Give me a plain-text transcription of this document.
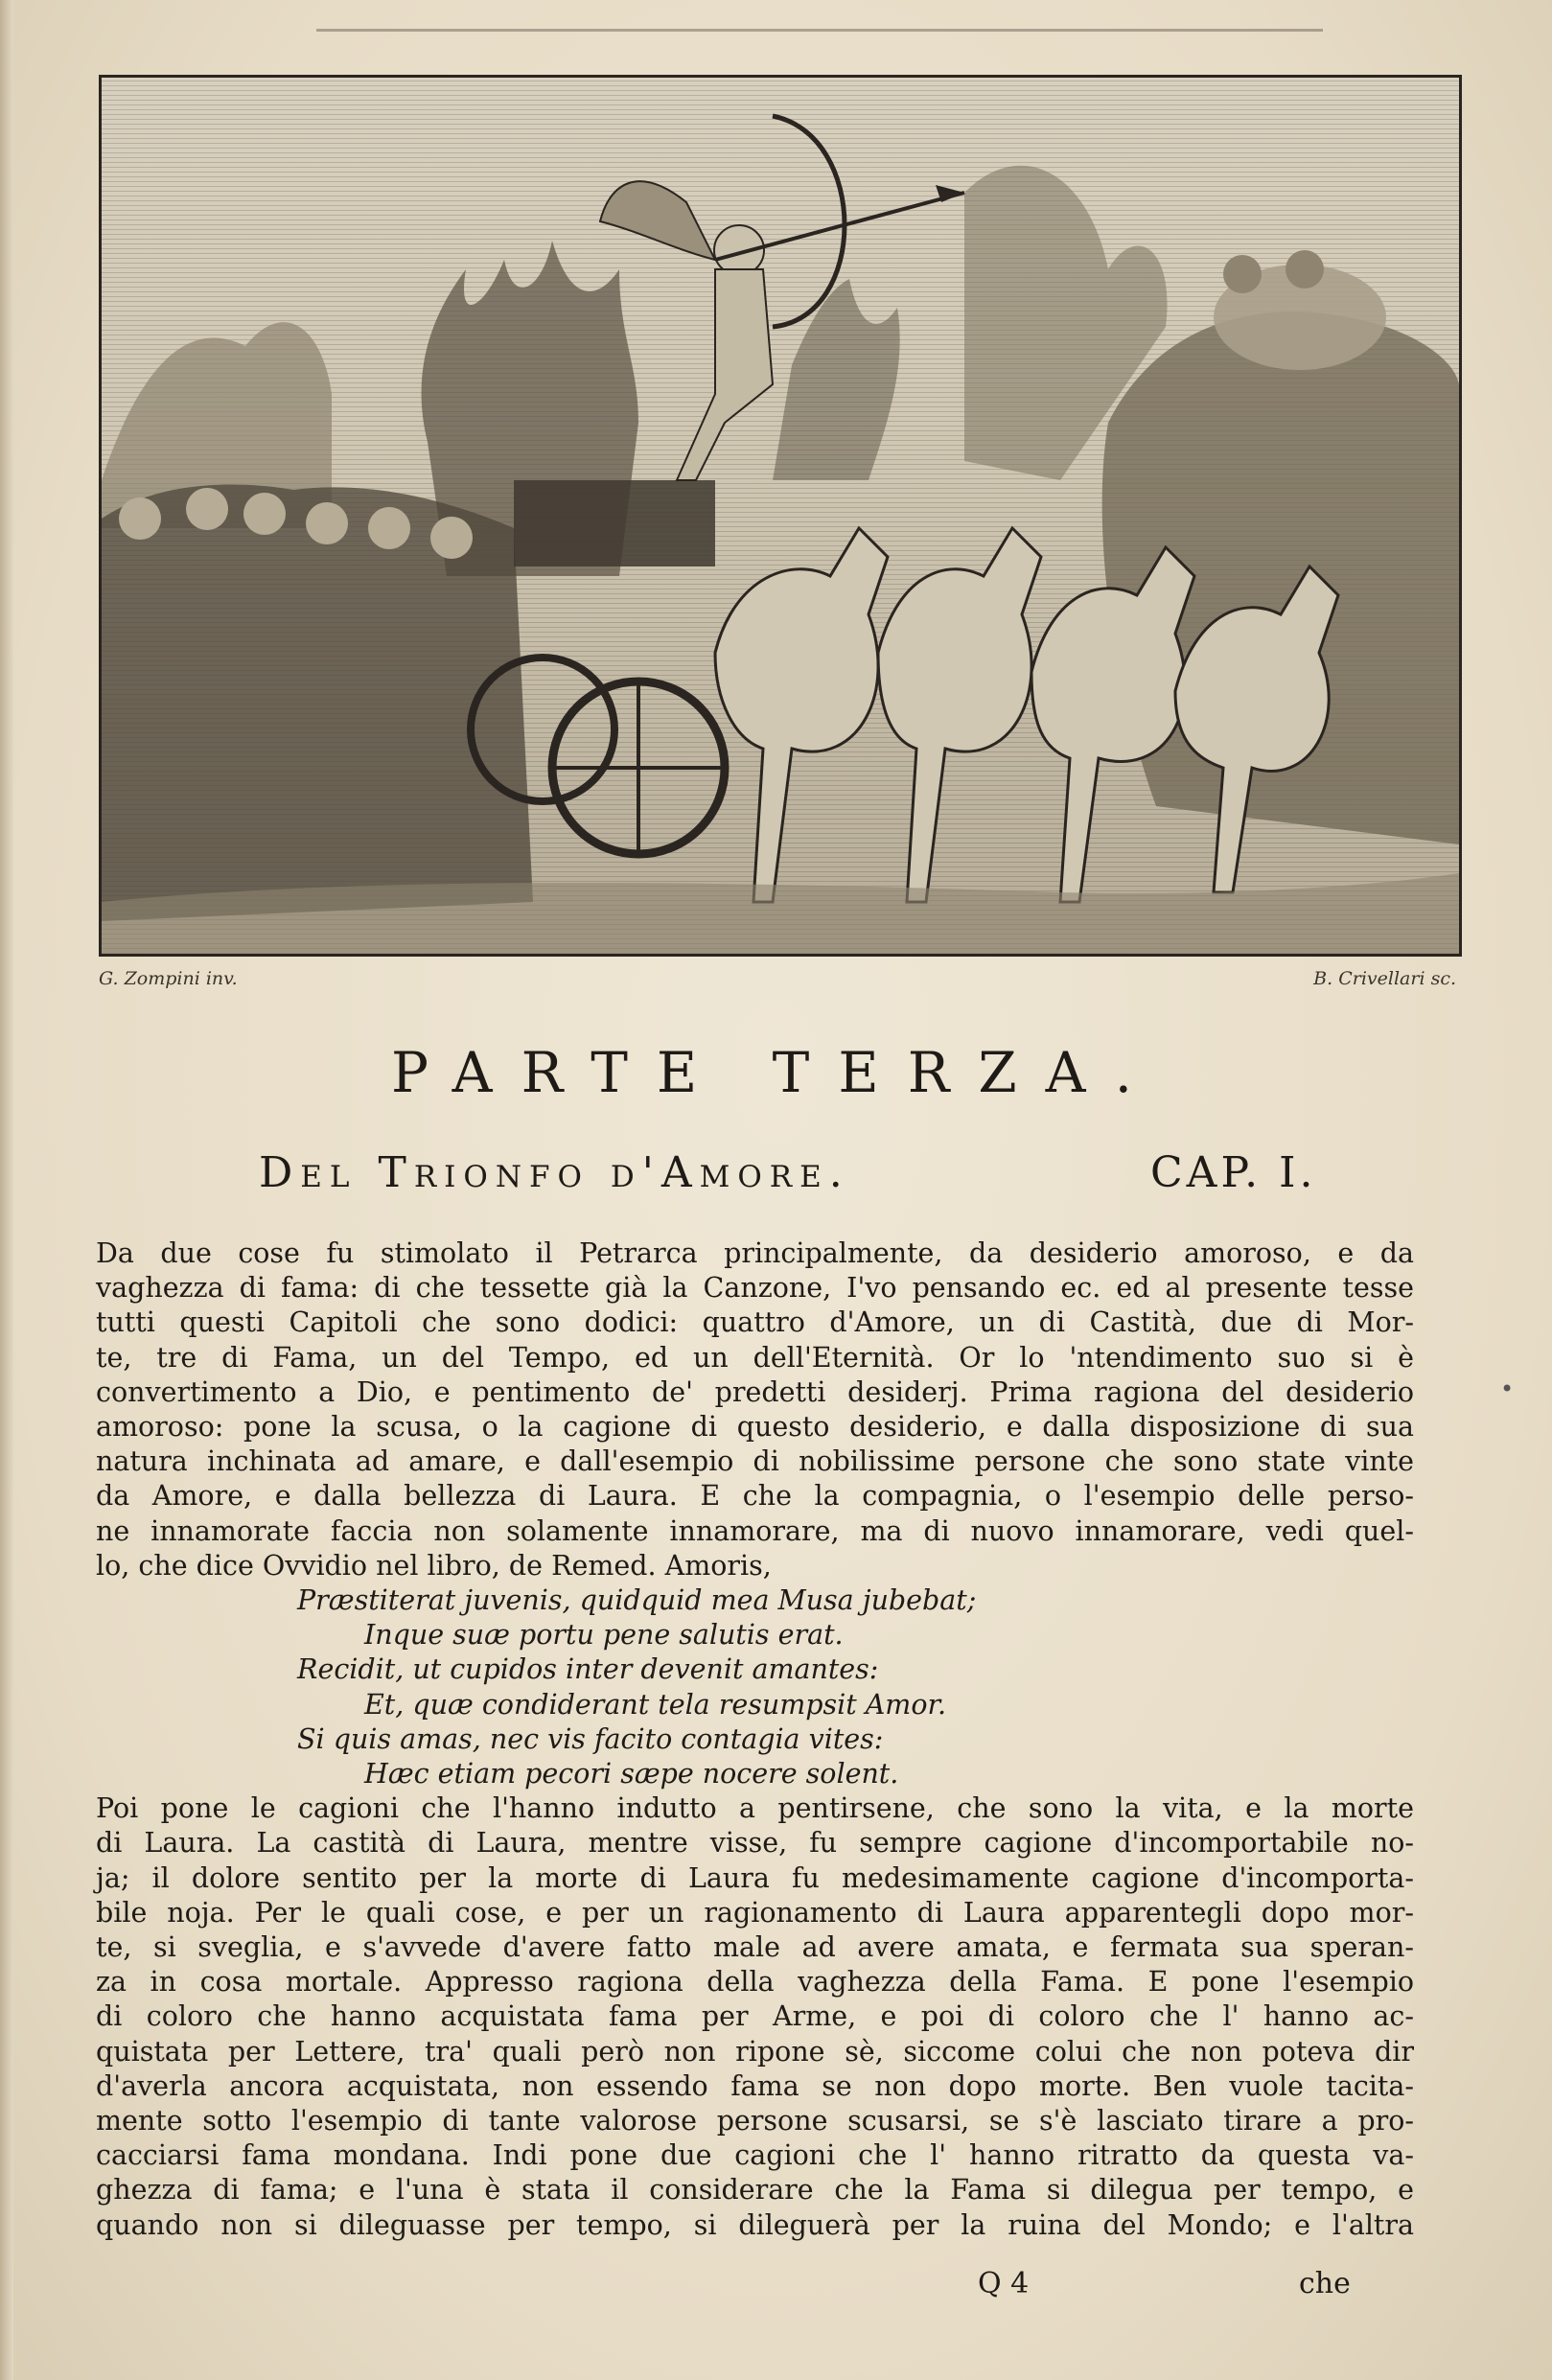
G. Zompini inv.	B. Crivellari sc.
PARTE TERZA.
Del Trionfo d'Amore.	CAP. I.
Da due cose fu stimolato il Petrarca principalmente, da desiderio amoroso, e da
vaghezza di fama: di che tessette già la Canzone, I'vo pensando ec. ed al presente tesse
tutti questi Capitoli che sono dodici: quattro d'Amore, un di Castità, due di Mor-
te, tre di Fama, un del Tempo, ed un dell'Eternità. Or lo 'ntendimento suo si è
convertimento a Dio, e pentimento de' predetti desiderj. Prima ragiona del desiderio
amoroso: pone la scusa, o la cagione di questo desiderio, e dalla disposizione di sua
natura inchinata ad amare, e dall'esempio di nobilissime persone che sono state vinte
da Amore, e dalla bellezza di Laura. E che la compagnia, o l'esempio delle perso-
ne innamorate faccia non solamente innamorare, ma di nuovo innamorare, vedi quel-
lo, che dice Ovvidio nel libro, de Remed. Amoris,
Præstiterat juvenis, quidquid mea Musa jubebat;
Inque suæ portu pene salutis erat.
Recidit, ut cupidos inter devenit amantes:
Et, quæ condiderant tela resumpsit Amor.
Si quis amas, nec vis facito contagia vites:
Hæc etiam pecori sæpe nocere solent.
Poi pone le cagioni che l'hanno indutto a pentirsene, che sono la vita, e la morte
di Laura. La castità di Laura, mentre visse, fu sempre cagione d'incomportabile no-
ja; il dolore sentito per la morte di Laura fu medesimamente cagione d'incomporta-
bile noja. Per le quali cose, e per un ragionamento di Laura apparentegli dopo mor-
te, si sveglia, e s'avvede d'avere fatto male ad avere amata, e fermata sua speran-
za in cosa mortale. Appresso ragiona della vaghezza della Fama. E pone l'esempio
di coloro che hanno acquistata fama per Arme, e poi di coloro che l' hanno ac-
quistata per Lettere, tra' quali però non ripone sè, siccome colui che non poteva dir
d'averla ancora acquistata, non essendo fama se non dopo morte. Ben vuole tacita-
mente sotto l'esempio di tante valorose persone scusarsi, se s'è lasciato tirare a pro-
cacciarsi fama mondana. Indi pone due cagioni che l' hanno ritratto da questa va-
ghezza di fama; e l'una è stata il considerare che la Fama si dilegua per tempo, e
quando non si dileguasse per tempo, si dileguerà per la ruina del Mondo; e l'altra
Q 4	che
•
